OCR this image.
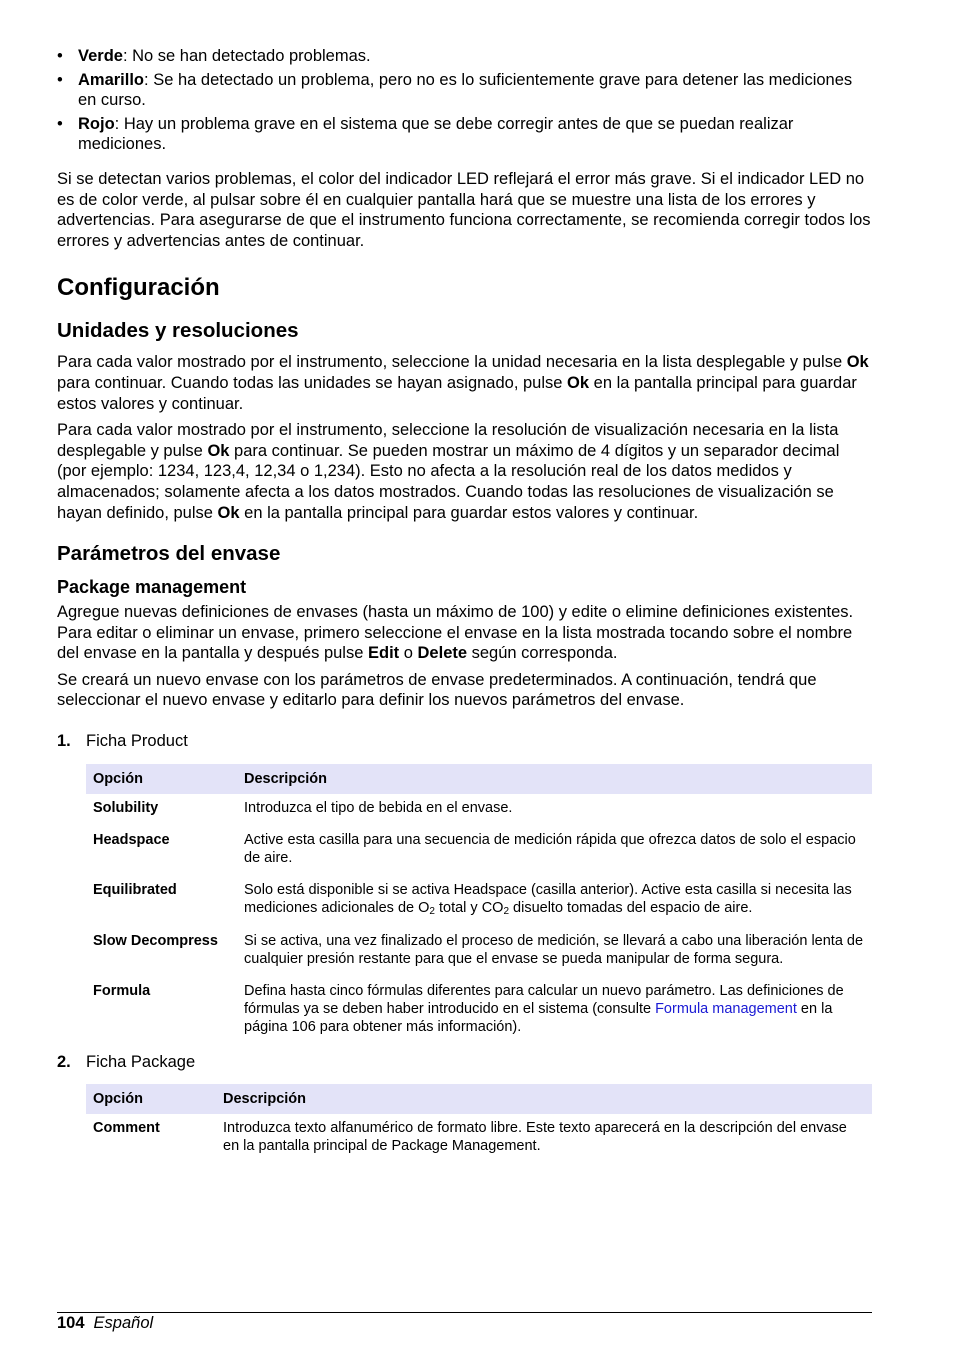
• Verde: No se han detectado problemas.
• Amarillo: Se ha detectado un problema, pero no es lo suficientemente grave para detener las mediciones en curso.
• Rojo: Hay un problema grave en el sistema que se debe corregir antes de que se puedan realizar mediciones.

Si se detectan varios problemas, el color del indicador LED reflejará el error más grave. Si el indicador LED no es de color verde, al pulsar sobre él en cualquier pantalla hará que se muestre una lista de los errores y advertencias. Para asegurarse de que el instrumento funciona correctamente, se recomienda corregir todos los errores y advertencias antes de continuar.

Configuración
Unidades y resoluciones

Para cada valor mostrado por el instrumento, seleccione la unidad necesaria en la lista desplegable y pulse Ok para continuar. Cuando todas las unidades se hayan asignado, pulse Ok en la pantalla principal para guardar estos valores y continuar.

Para cada valor mostrado por el instrumento, seleccione la resolución de visualización necesaria en la lista desplegable y pulse Ok para continuar. Se pueden mostrar un máximo de 4 dígitos y un separador decimal (por ejemplo: 1234, 123,4, 12,34 o 1,234). Esto no afecta a la resolución real de los datos medidos y almacenados; solamente afecta a los datos mostrados. Cuando todas las resoluciones de visualización se hayan definido, pulse Ok en la pantalla principal para guardar estos valores y continuar.

Parámetros del envase
Package management

Agregue nuevas definiciones de envases (hasta un máximo de 100) y edite o elimine definiciones existentes. Para editar o eliminar un envase, primero seleccione el envase en la lista mostrada tocando sobre el nombre del envase en la pantalla y después pulse Edit o Delete según corresponda.

Se creará un nuevo envase con los parámetros de envase predeterminados. A continuación, tendrá que seleccionar el nuevo envase y editarlo para definir los nuevos parámetros del envase.

1. Ficha Product
Opción	Descripción
Solubility	Introduzca el tipo de bebida en el envase.
Headspace	Active esta casilla para una secuencia de medición rápida que ofrezca datos de solo el espacio de aire.
Equilibrated	Solo está disponible si se activa Headspace (casilla anterior). Active esta casilla si necesita las mediciones adicionales de $O_2$ total y $CO_2$ disuelto tomadas del espacio de aire.
Slow Decompress	Si se activa, una vez finalizado el proceso de medición, se llevará a cabo una liberación lenta de cualquier presión restante para que el envase se pueda manipular de forma segura.
Formula	Defina hasta cinco fórmulas diferentes para calcular un nuevo parámetro. Las definiciones de fórmulas ya se deben haber introducido en el sistema (consulte Formula management en la página 106 para obtener más información).
2. Ficha Package
Opción	Descripción
Comment	Introduzca texto alfanumérico de formato libre. Este texto aparecerá en la descripción del envase en la pantalla principal de Package Management.
104 Español
